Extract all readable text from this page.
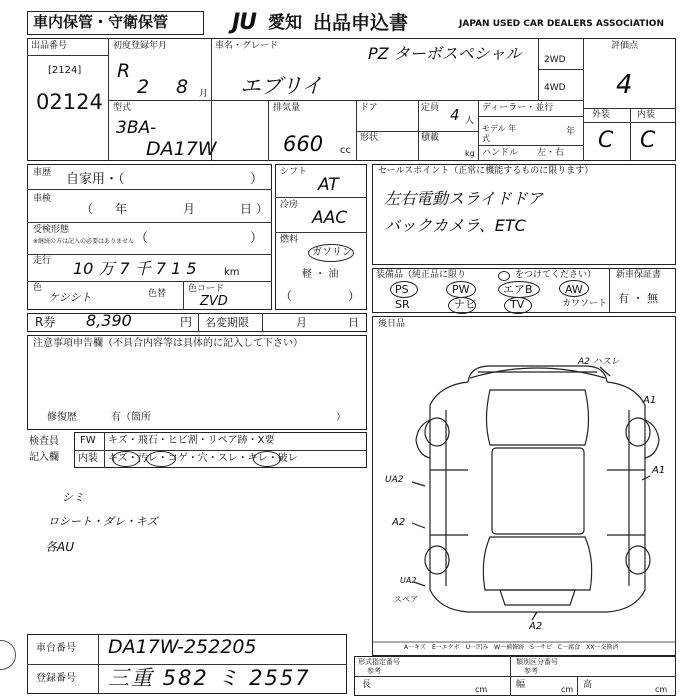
車内保管・守衛保管	JU 愛知 出品申込書	JAPAN USED CAR DEALERS ASSOCIATION
出品番号
[2124]
02124
初度登録年月
R
2 8 月
車名・グレード	PZ ターボスペシャル
エブリイ
2WD
4WD
評価点
4
外装	内装
C C
型式
3BA-
DA17W
排気量
660 cc
ドア
形状
定員 4 人
積載
kg
ディーラー・並行
モデル 年式
年
ハンドル 左・右
車歴 自家用・（	）
車検
年	月	日
（	）
受検形態
※継続の方は記入の必要はありません （	）
走行 10 万 7 千 7 1 5	km
色
ケシシト	色替 色コード
ZVD
シフト
AT
冷房
AAC
燃料
ガソリン
軽 ・ 油
（	）
セールスポイント（正常に機能するものに限ります）
左右電動スライドドア
バックカメラ、ETC
装備品（純正品に限り	をつけてください）
PS	PW	エアB	AW
SR	ナビ	TV	カワソート
新車保証書
有 ・ 無
R券 8,390	円 名変期限	月	日
注意事項申告欄（不具合内容等は具体的に記入して下さい）
修復歴	有（箇所	）
検査員
記入欄
FW キズ・飛石・ヒビ割・リペア跡・X要
内装 キズ・汚レ・コゲ・穴・スレ・キレ・破レ
シミ
ロシート・ダレ・キズ
各AU
後日品
A2 ハスレ
A1
A1
UA2
A2
UA2
スペア
A2
A一キズ　E一エクボ　U一凹み　W一補修跡　S一サビ　C一腐食　XX一交換済
車台番号 DA17W-252205
登録番号 三重 582 ミ 2557
形式指定番号
参考
類別区分番号
参考
長	cm	幅	cm 高	cm
